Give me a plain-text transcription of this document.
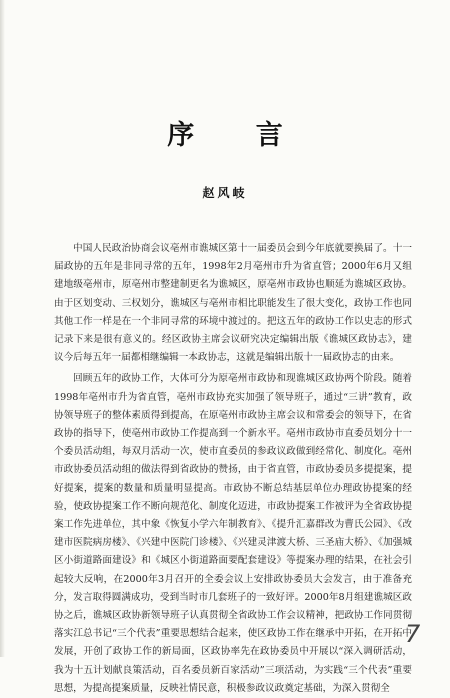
序 言
赵风岐

中国人民政治协商会议亳州市谯城区第十一届委员会到今年底就要换届了。十一届政协的五年是非同寻常的五年，1998年2月亳州市升为省直管；2000年6月又组建地级亳州市，原亳州市整建制更名为谯城区，原亳州市政协也顺延为谯城区政协。由于区划变动、三权划分，谯城区与亳州市相比职能发生了很大变化，政协工作也同其他工作一样是在一个非同寻常的环境中渡过的。把这五年的政协工作以史志的形式记录下来是很有意义的。经区政协主席会议研究决定编辑出版《谯城区政协志》，建议今后每五年一届都相继编辑一本政协志，这就是编辑出版十一届政协志的由来。

回顾五年的政协工作，大体可分为原亳州市政协和现谯城区政协两个阶段。随着1998年亳州市升为省直管，亳州市政协充实加强了领导班子，通过“三讲”教育，政协领导班子的整体素质得到提高，在原亳州市政协主席会议和常委会的领导下，在省政协的指导下，使亳州市政协工作提高到一个新水平。亳州市政协市直委员划分十一个委员活动组，每双月活动一次，使市直委员的参政议政做到经常化、制度化。亳州市政协委员活动组的做法得到省政协的赞扬，由于省直管，市政协委员多提提案，提好提案，提案的数量和质量明显提高。市政协不断总结基层单位办理政协提案的经验，使政协提案工作不断向规范化、制度化迈进，市政协提案工作被评为全省政协提案工作先进单位，其中象《恢复小学六年制教育》、《提升汇嘉群改为曹氏公园》、《改建市医院病房楼》、《兴建中医院门诊楼》、《兴建灵津渡大桥、三圣庙大桥》、《加强城区小街道路面建设》和《城区小街道路面要配套建设》等提案办理的结果，在社会引起较大反响，在2000年3月召开的全委会议上安排政协委员大会发言，由于准备充分，发言取得圆满成功，受到当时市几套班子的一致好评。2000年8月组建谯城区政协之后，谯城区政协新领导班子认真贯彻全省政协工作会议精神，把政协工作同贯彻落实江总书记“三个代表”重要思想结合起来，使区政协工作在继承中开拓，在开拓中发展，开创了政协工作的新局面，区政协率先在政协委员中开展以“深入调研活动，我为十五计划献良策活动，百名委员新百家活动”三项活动，为实践“三个代表”重要思想，为提高提案质量，反映社情民意，积极参政议政奠定基础，为深入贯彻全

7
